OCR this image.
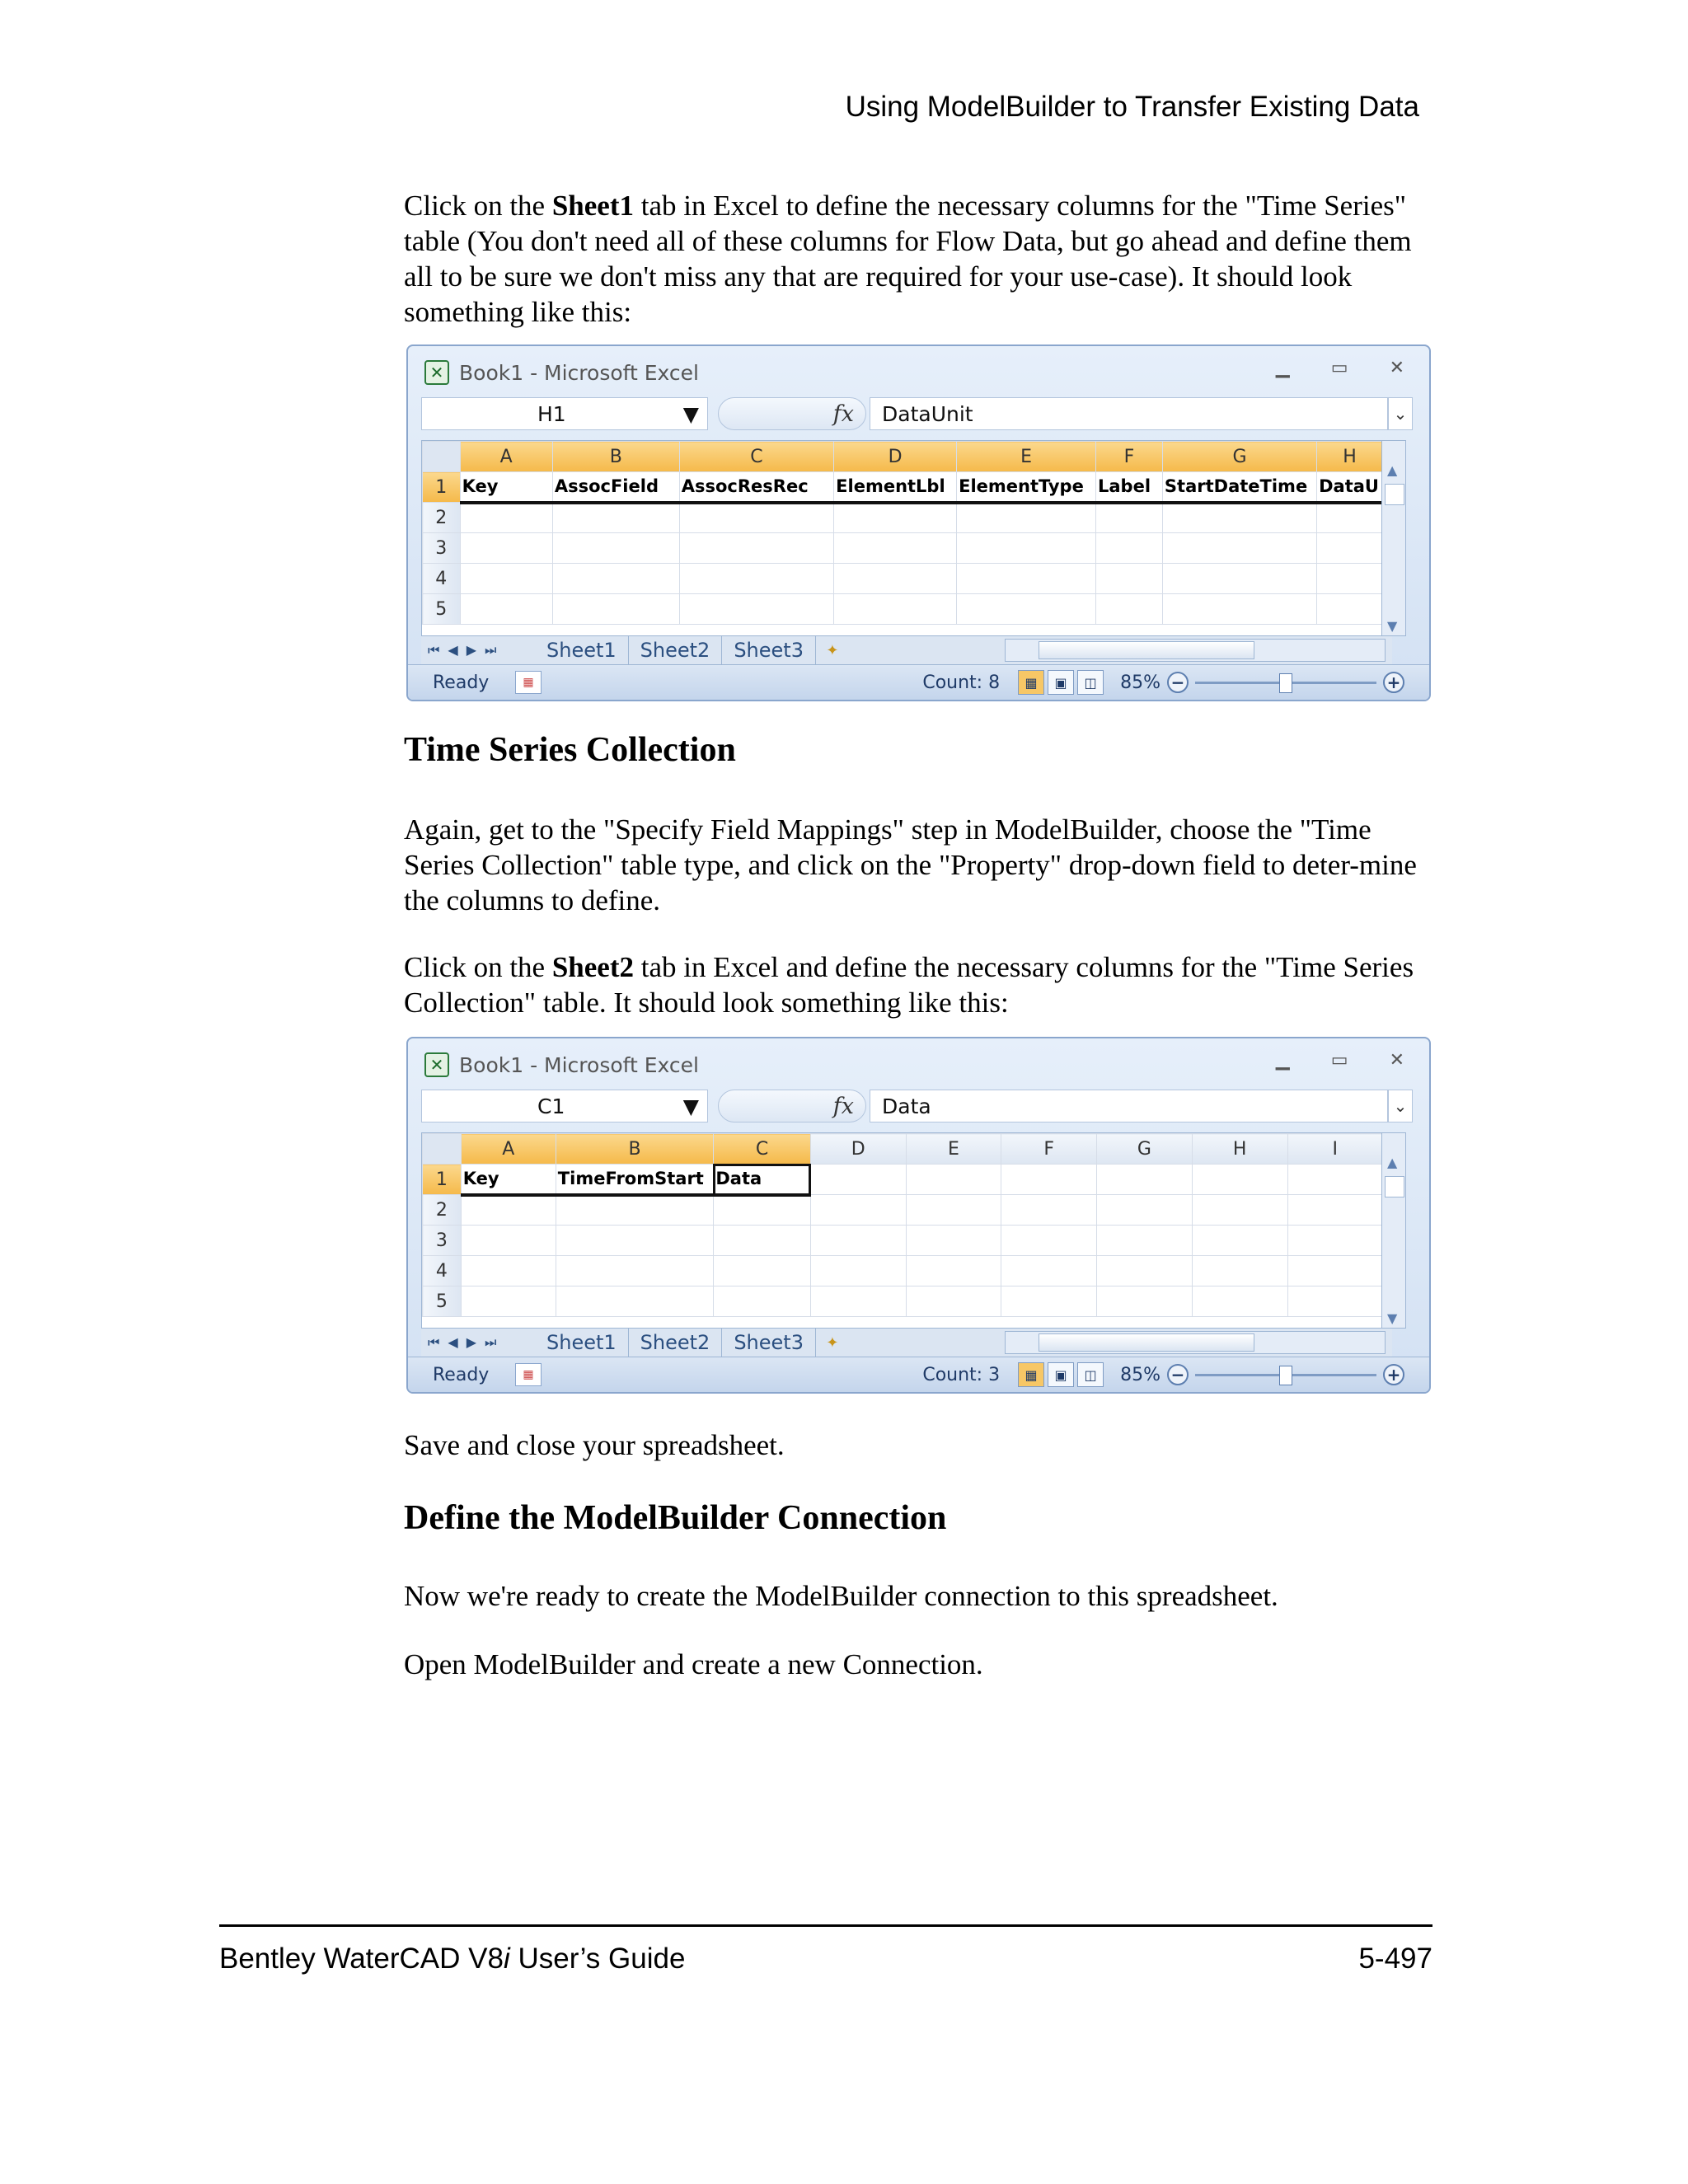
Using ModelBuilder to Transfer Existing Data

Click on the Sheet1 tab in Excel to define the necessary columns for the "Time Series" table (You don't need all of these columns for Flow Data, but go ahead and define them all to be sure we don't miss any that are required for your use-case). It should look something like this:

✕ Book1 - Microsoft Excel	▁ ▭ ✕
H1	▼	fx	DataUnit	⌄
	A	B	C	D	E	F	G	H
1	Key	AssocField	AssocResRec	ElementLbl	ElementType	Label	StartDateTime	DataU
2								
3								
4								
5								
▲
▼
⏮◀▶⏭	Sheet1	Sheet2	Sheet3	✦
Ready	▦	Count: 8	▦	▣	◫	85% −	+
Time Series Collection

Again, get to the "Specify Field Mappings" step in ModelBuilder, choose the "Time Series Collection" table type, and click on the "Property" drop-down field to deter-mine the columns to define.

Click on the Sheet2 tab in Excel and define the necessary columns for the "Time Series Collection" table. It should look something like this:

✕ Book1 - Microsoft Excel	▁ ▭ ✕
C1	▼	fx	Data	⌄
	A	B	C	D	E	F	G	H	I
1	Key	TimeFromStart	Data						
2									
3									
4									
5									
▲
▼
⏮◀▶⏭	Sheet1	Sheet2	Sheet3	✦
Ready	▦	Count: 3	▦	▣	◫	85% −	+

Save and close your spreadsheet.

Define the ModelBuilder Connection

Now we're ready to create the ModelBuilder connection to this spreadsheet.

Open ModelBuilder and create a new Connection.

Bentley WaterCAD V8i User’s Guide	5-497
